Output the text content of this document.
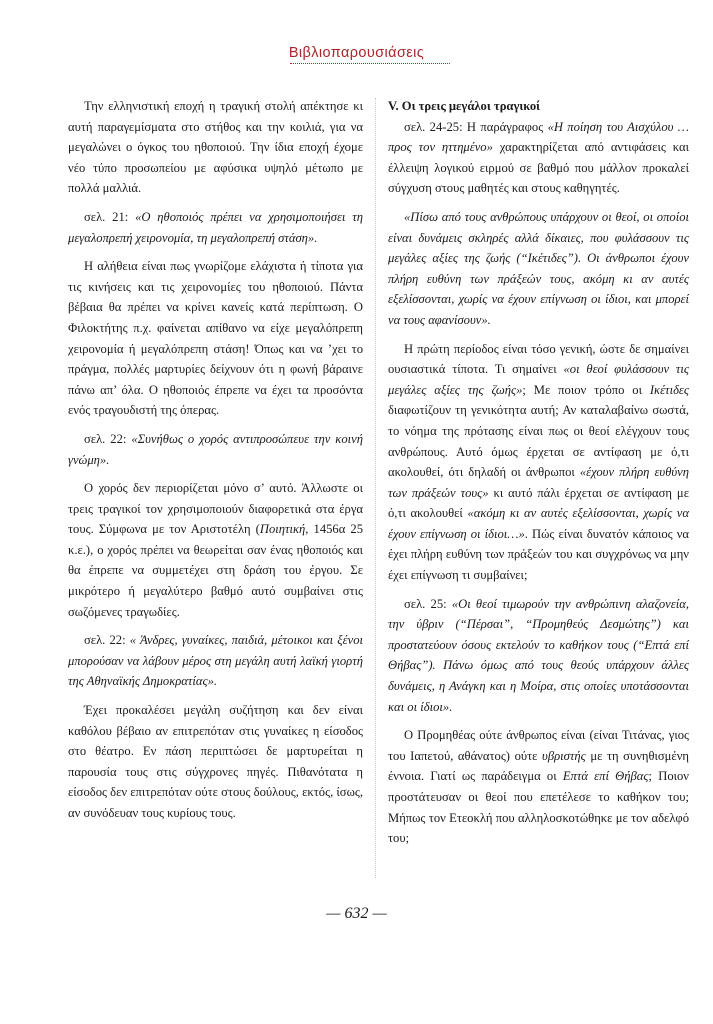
Βιβλιοπαρουσιάσεις

Την ελληνιστική εποχή η τραγική στολή απέκτησε κι αυτή παραγεμίσματα στο στήθος και την κοιλιά, για να μεγαλώνει ο όγκος του ηθοποιού. Την ίδια εποχή έχομε νέο τύπο προσωπείου με αφύσικα υψηλό μέτωπο με πολλά μαλλιά.

σελ. 21: «Ο ηθοποιός πρέπει να χρησιμοποιήσει τη μεγαλοπρεπή χειρονομία, τη μεγαλοπρεπή στάση».

Η αλήθεια είναι πως γνωρίζομε ελάχιστα ή τίποτα για τις κινήσεις και τις χειρονομίες του ηθοποιού. Πάντα βέβαια θα πρέπει να κρίνει κανείς κατά περίπτωση. Ο Φιλοκτήτης π.χ. φαίνεται απίθανο να είχε μεγαλόπρεπη χειρονομία ή μεγαλόπρεπη στάση! Όπως και να ’χει το πράγμα, πολλές μαρτυρίες δείχνουν ότι η φωνή βάραινε πάνω απ’ όλα. Ο ηθοποιός έπρεπε να έχει τα προσόντα ενός τραγουδιστή της όπερας.

σελ. 22: «Συνήθως ο χορός αντιπροσώπευε την κοινή γνώμη».

Ο χορός δεν περιορίζεται μόνο σ’ αυτό. Άλλωστε οι τρεις τραγικοί τον χρησιμοποιούν διαφορετικά στα έργα τους. Σύμφωνα με τον Αριστοτέλη (Ποιητική, 1456α 25 κ.ε.), ο χορός πρέπει να θεωρείται σαν ένας ηθοποιός και θα έπρεπε να συμμετέχει στη δράση του έργου. Σε μικρότερο ή μεγαλύτερο βαθμό αυτό συμβαίνει στις σωζόμενες τραγωδίες.

σελ. 22: « Άνδρες, γυναίκες, παιδιά, μέτοικοι και ξένοι μπορούσαν να λάβουν μέρος στη μεγάλη αυτή λαϊκή γιορτή της Αθηναϊκής Δημοκρατίας».

Έχει προκαλέσει μεγάλη συζήτηση και δεν είναι καθόλου βέβαιο αν επιτρεπόταν στις γυναίκες η είσοδος στο θέατρο. Εν πάση περιπτώσει δε μαρτυρείται η παρουσία τους στις σύγχρονες πηγές. Πιθανότατα η είσοδος δεν επιτρεπόταν ούτε στους δούλους, εκτός, ίσως, αν συνόδευαν τους κυρίους τους.

V. Οι τρεις μεγάλοι τραγικοί

σελ. 24-25: Η παράγραφος «Η ποίηση του Αισχύλου … προς τον ηττημένο» χαρακτηρίζεται από αντιφάσεις και έλλειψη λογικού ειρμού σε βαθμό που μάλλον προκαλεί σύγχυση στους μαθητές και στους καθηγητές.

«Πίσω από τους ανθρώπους υπάρχουν οι θεοί, οι οποίοι είναι δυνάμεις σκληρές αλλά δίκαιες, που φυλάσσουν τις μεγάλες αξίες της ζωής (“Ικέτιδες”). Οι άνθρωποι έχουν πλήρη ευθύνη των πράξεών τους, ακόμη κι αν αυτές εξελίσσονται, χωρίς να έχουν επίγνωση οι ίδιοι, και μπορεί να τους αφανίσουν».

Η πρώτη περίοδος είναι τόσο γενική, ώστε δε σημαίνει ουσιαστικά τίποτα. Τι σημαίνει «οι θεοί φυλάσσουν τις μεγάλες αξίες της ζωής»; Με ποιον τρόπο οι Ικέτιδες διαφωτίζουν τη γενικότητα αυτή; Αν καταλαβαίνω σωστά, το νόημα της πρότασης είναι πως οι θεοί ελέγχουν τους ανθρώπους. Αυτό όμως έρχεται σε αντίφαση με ό,τι ακολουθεί, ότι δηλαδή οι άνθρωποι «έχουν πλήρη ευθύνη των πράξεών τους» κι αυτό πάλι έρχεται σε αντίφαση με ό,τι ακολουθεί «ακόμη κι αν αυτές εξελίσσονται, χωρίς να έχουν επίγνωση οι ίδιοι…». Πώς είναι δυνατόν κάποιος να έχει πλήρη ευθύνη των πράξεών του και συγχρόνως να μην έχει επίγνωση τι συμβαίνει;

σελ. 25: «Οι θεοί τιμωρούν την ανθρώπινη αλαζονεία, την ύβριν (“Πέρσαι”, “Προμηθεύς Δεσμώτης”) και προστατεύουν όσους εκτελούν το καθήκον τους (“Επτά επί Θήβας”). Πάνω όμως από τους θεούς υπάρχουν άλλες δυνάμεις, η Ανάγκη και η Μοίρα, στις οποίες υποτάσσονται και οι ίδιοι».

Ο Προμηθέας ούτε άνθρωπος είναι (είναι Τιτάνας, γιος του Ιαπετού, αθάνατος) ούτε υβριστής με τη συνηθισμένη έννοια. Γιατί ως παράδειγμα οι Επτά επί Θήβας; Ποιον προστάτευσαν οι θεοί που επετέλεσε το καθήκον του; Μήπως τον Ετεοκλή που αλληλοσκοτώθηκε με τον αδελφό του;

— 632 —
